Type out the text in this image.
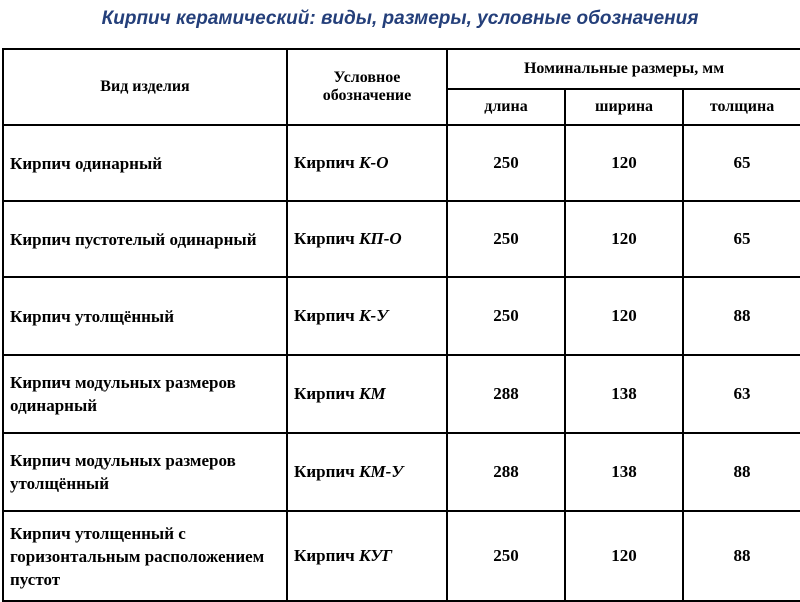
Кирпич керамический: виды, размеры, условные обозначения
Вид изделия	Условное обозначение	Номинальные размеры, мм		
		длина	ширина	толщина
Кирпич одинарный	Кирпич К-О	250	120	65
Кирпич пустотелый одинарный	Кирпич КП-О	250	120	65
Кирпич утолщённый	Кирпич К-У	250	120	88
Кирпич модульных размеров одинарный	Кирпич КМ	288	138	63
Кирпич модульных размеров утолщённый	Кирпич КМ-У	288	138	88
Кирпич утолщенный с горизонтальным расположением пустот	Кирпич КУГ	250	120	88
